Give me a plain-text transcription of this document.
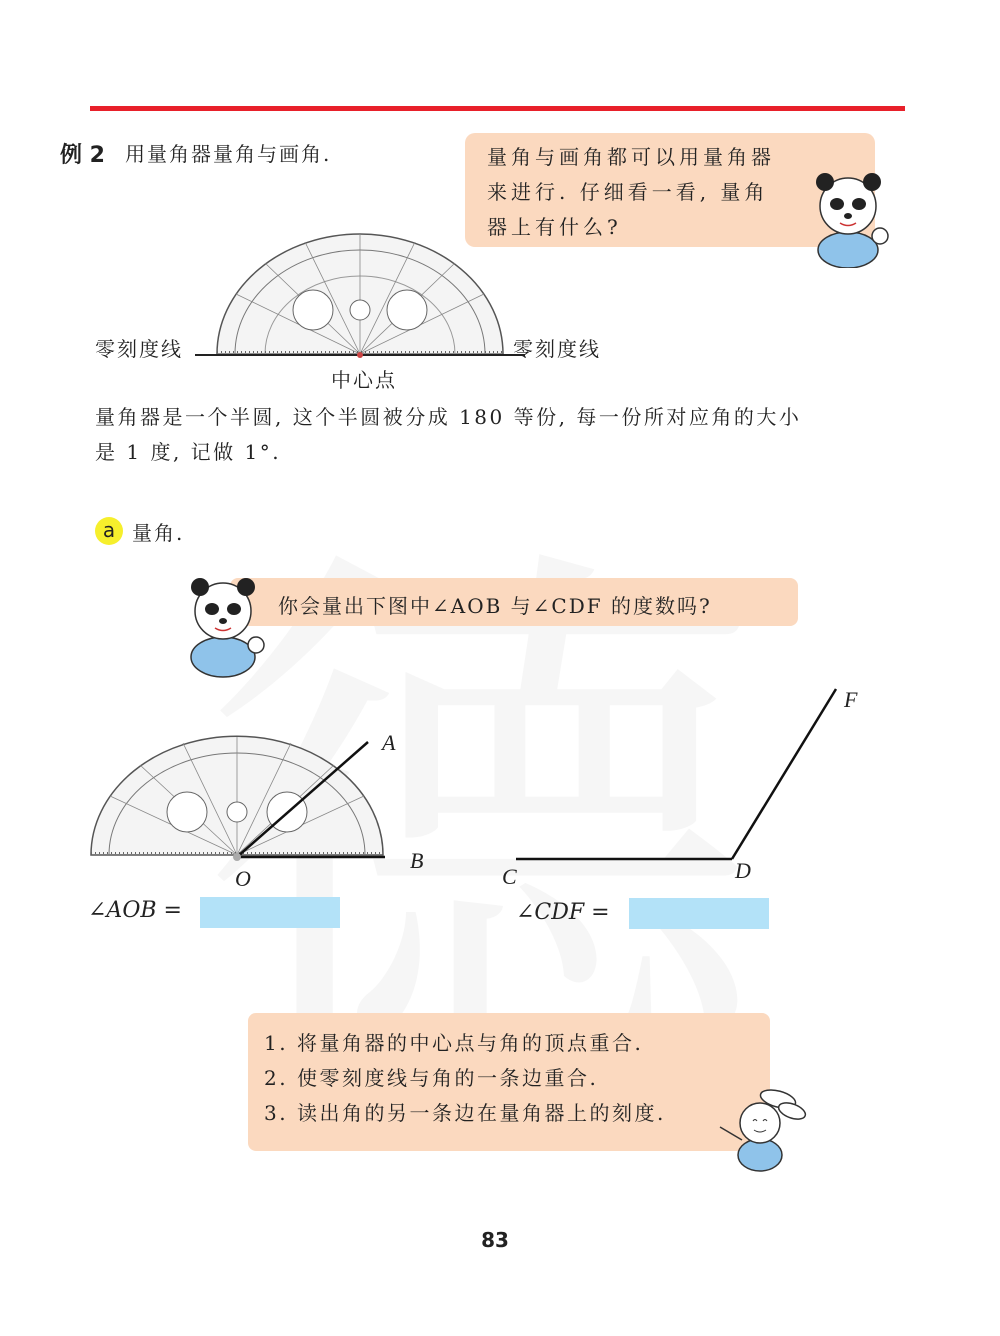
例 2 用量角器量角与画角.	量角与画角都可以用量角器

来进行. 仔细看一看, 量角

器上有什么?

零刻度线	零刻度线
中心点
量角器是一个半圆, 这个半圆被分成 180 等份, 每一份所对应角的大小
是 1 度, 记做 1°.
a 量角.
你会量出下图中∠AOB 与∠CDF 的度数吗?
A
B
O
∠AOB =
F
C	D
∠CDF =

1. 将量角器的中心点与角的顶点重合.

2. 使零刻度线与角的一条边重合.

3. 读出角的另一条边在量角器上的刻度.

83
